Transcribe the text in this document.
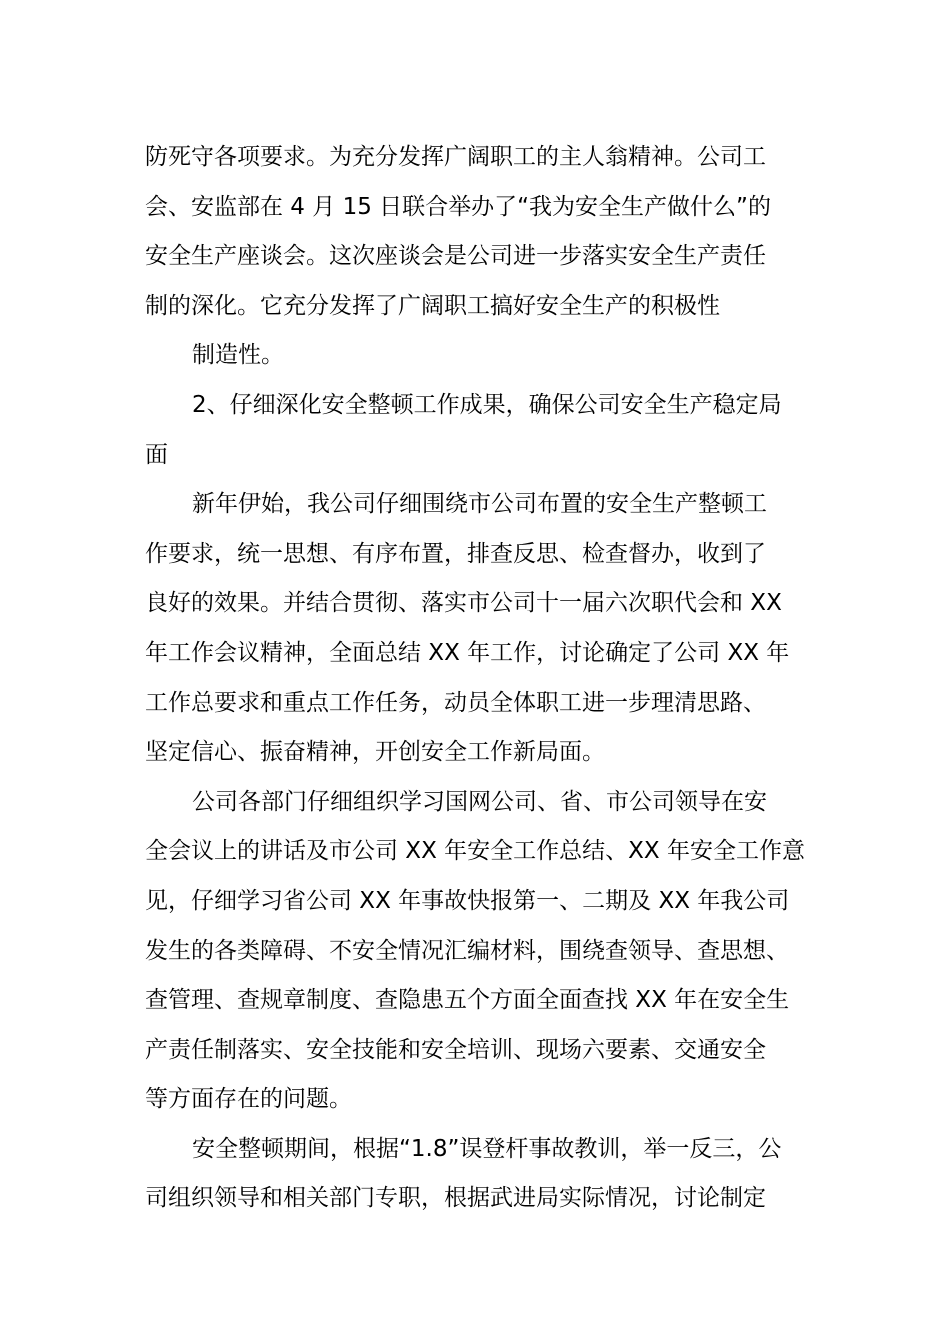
防死守各项要求。为充分发挥广阔职工的主人翁精神。公司工
会、安监部在 4 月 15 日联合举办了“我为安全生产做什么”的
安全生产座谈会。这次座谈会是公司进一步落实安全生产责任
制的深化。它充分发挥了广阔职工搞好安全生产的积极性
制造性。
2、仔细深化安全整顿工作成果，确保公司安全生产稳定局
面
新年伊始，我公司仔细围绕市公司布置的安全生产整顿工
作要求，统一思想、有序布置，排查反思、检查督办，收到了
良好的效果。并结合贯彻、落实市公司十一届六次职代会和 XX
年工作会议精神，全面总结 XX 年工作，讨论确定了公司 XX 年
工作总要求和重点工作任务，动员全体职工进一步理清思路、
坚定信心、振奋精神，开创安全工作新局面。
公司各部门仔细组织学习国网公司、省、市公司领导在安
全会议上的讲话及市公司 XX 年安全工作总结、XX 年安全工作意
见，仔细学习省公司 XX 年事故快报第一、二期及 XX 年我公司
发生的各类障碍、不安全情况汇编材料，围绕查领导、查思想、
查管理、查规章制度、查隐患五个方面全面查找 XX 年在安全生
产责任制落实、安全技能和安全培训、现场六要素、交通安全
等方面存在的问题。
安全整顿期间，根据“1.8”误登杆事故教训，举一反三，公
司组织领导和相关部门专职，根据武进局实际情况，讨论制定
